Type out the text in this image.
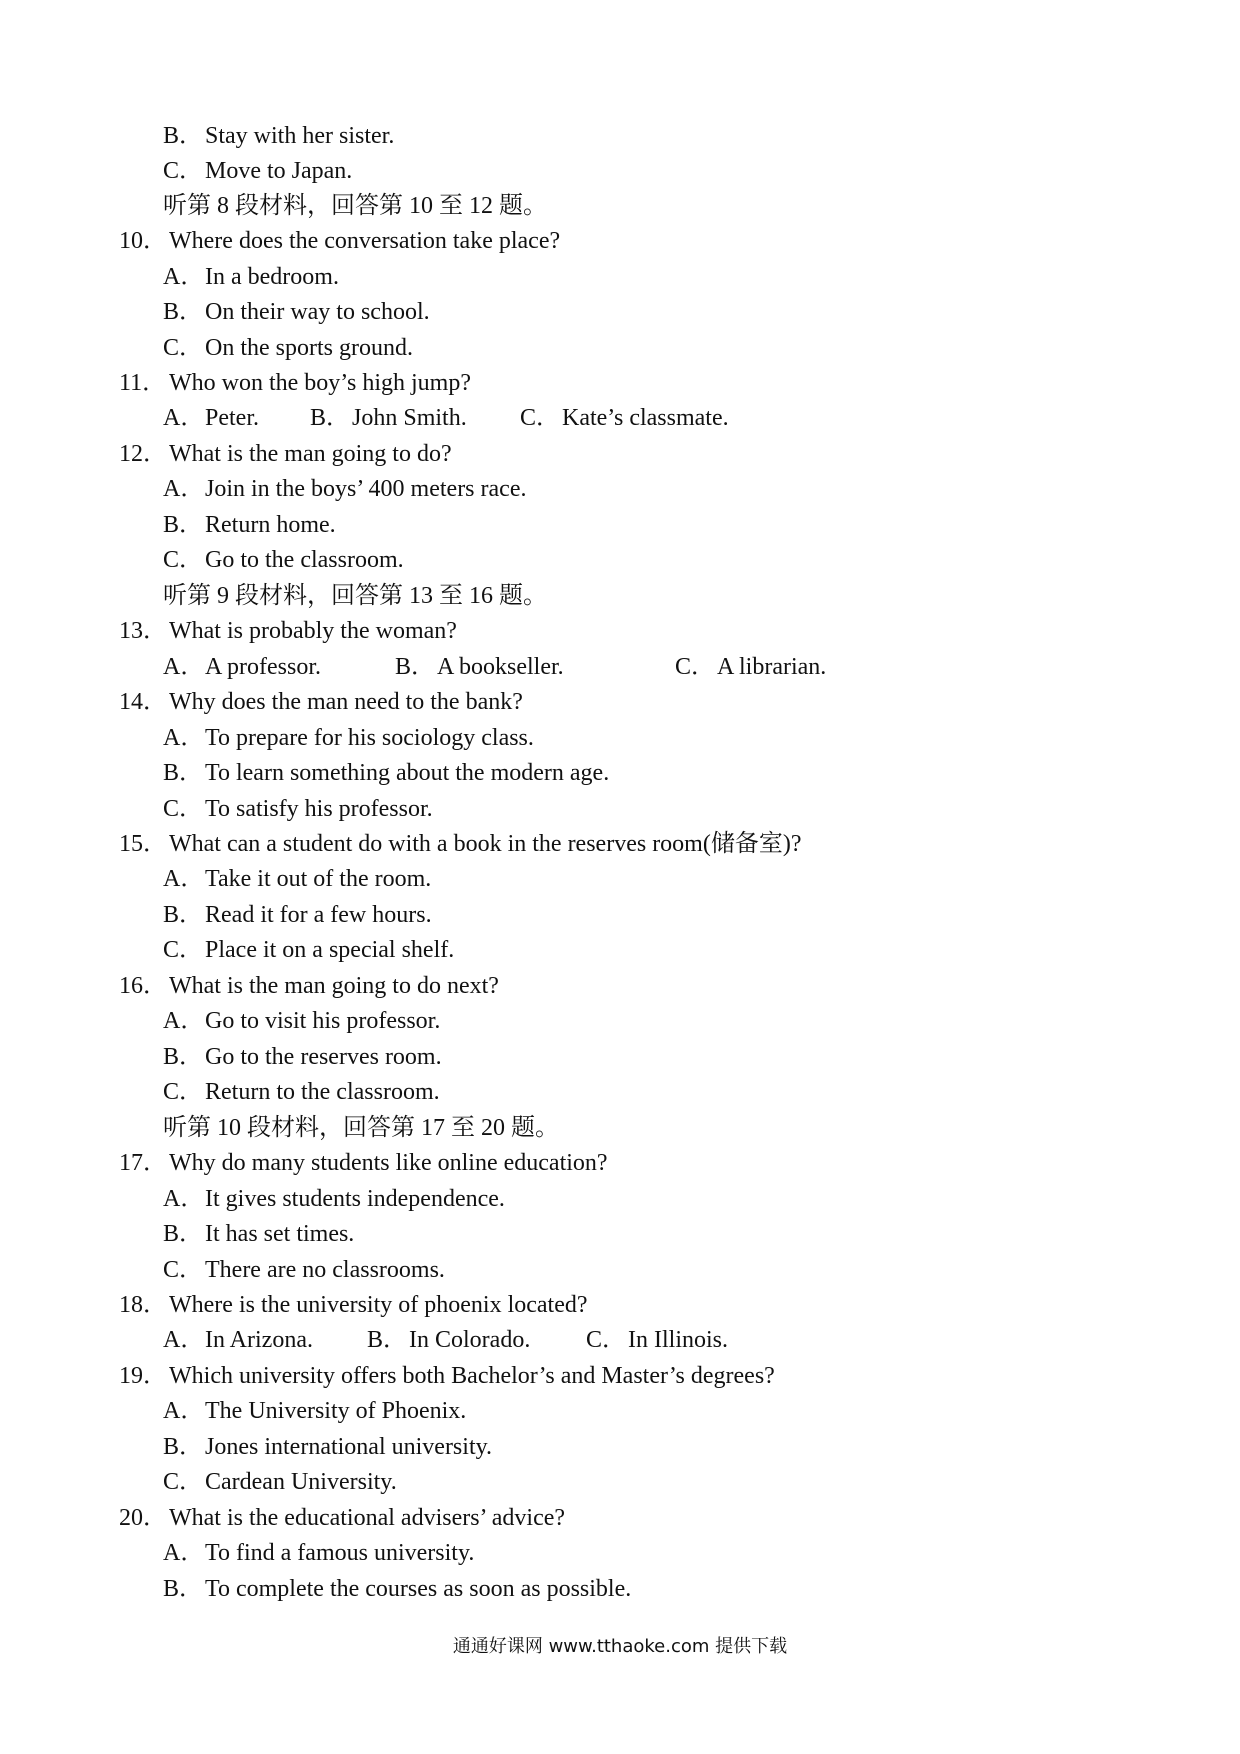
B． Stay with her sister.
C． Move to Japan.
听第 8 段材料，回答第 10 至 12 题。
10． Where does the conversation take place?
A． In a bedroom.
B． On their way to school.
C． On the sports ground.
11． Who won the boy’s high jump?
A． Peter. B． John Smith. C． Kate’s classmate.
12． What is the man going to do?
A． Join in the boys’ 400 meters race.
B． Return home.
C． Go to the classroom.
听第 9 段材料，回答第 13 至 16 题。
13． What is probably the woman?
A． A professor.	B． A bookseller.	C． A librarian.
14． Why does the man need to the bank?
A． To prepare for his sociology class.
B． To learn something about the modern age.
C． To satisfy his professor.
15． What can a student do with a book in the reserves room(储备室)?
A． Take it out of the room.
B． Read it for a few hours.
C． Place it on a special shelf.
16． What is the man going to do next?
A． Go to visit his professor.
B． Go to the reserves room.
C． Return to the classroom.
听第 10 段材料，回答第 17 至 20 题。
17． Why do many students like online education?
A． It gives students independence.
B． It has set times.
C． There are no classrooms.
18． Where is the university of phoenix located?
A． In Arizona. B． In Colorado. C． In Illinois.
19． Which university offers both Bachelor’s and Master’s degrees?
A． The University of Phoenix.
B． Jones international university.
C． Cardean University.
20． What is the educational advisers’ advice?
A． To find a famous university.
B． To complete the courses as soon as possible.
通通好课网 www.tthaoke.com 提供下载
